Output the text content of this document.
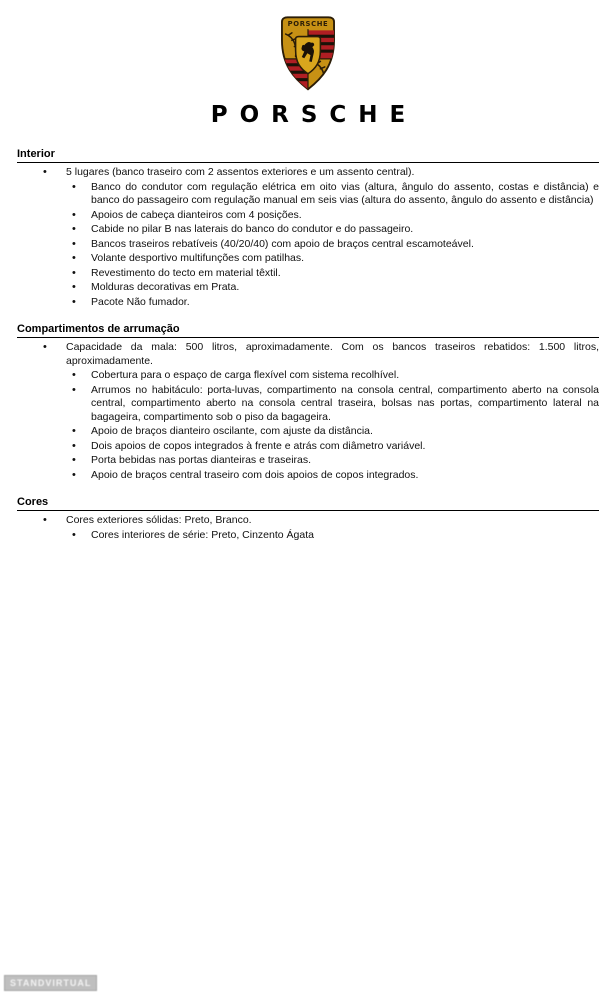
PORSCHE
PORSCHE
Interior
• 5 lugares (banco traseiro com 2 assentos exteriores e um assento central).
• Banco do condutor com regulação elétrica em oito vias (altura, ângulo do assento, costas e distância) e banco do passageiro com regulação manual em seis vias (altura do assento, ângulo do assento e distância)
• Apoios de cabeça dianteiros com 4 posições.
• Cabide no pilar B nas laterais do banco do condutor e do passageiro.
• Bancos traseiros rebatíveis (40/20/40) com apoio de braços central escamoteável.
• Volante desportivo multifunções com patilhas.
• Revestimento do tecto em material têxtil.
• Molduras decorativas em Prata.
• Pacote Não fumador.
Compartimentos de arrumação
• Capacidade da mala: 500 litros, aproximadamente. Com os bancos traseiros rebatidos: 1.500 litros, aproximadamente.
• Cobertura para o espaço de carga flexível com sistema recolhível.
• Arrumos no habitáculo: porta-luvas, compartimento na consola central, compartimento aberto na consola central, compartimento aberto na consola central traseira, bolsas nas portas, compartimento lateral na bagageira, compartimento sob o piso da bagageira.
• Apoio de braços dianteiro oscilante, com ajuste da distância.
• Dois apoios de copos integrados à frente e atrás com diâmetro variável.
• Porta bebidas nas portas dianteiras e traseiras.
• Apoio de braços central traseiro com dois apoios de copos integrados.
Cores
• Cores exteriores sólidas: Preto, Branco.
• Cores interiores de série: Preto, Cinzento Ágata
STANDVIRTUAL
